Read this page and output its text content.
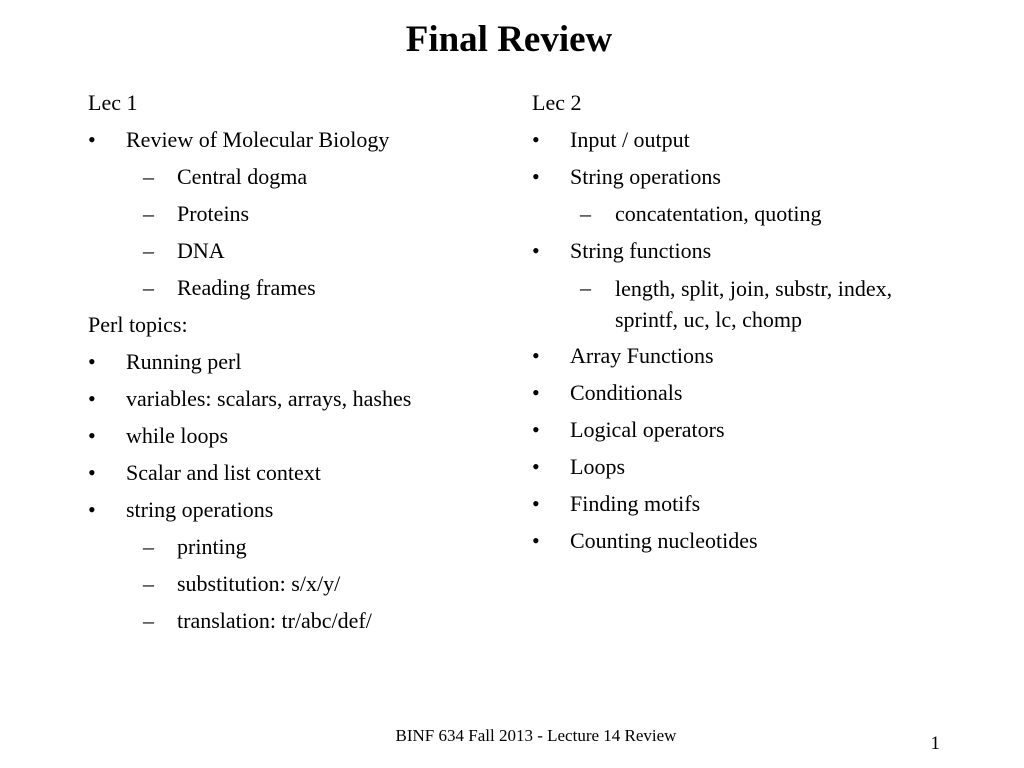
Final Review
Lec 1
• Review of Molecular Biology
– Central dogma
– Proteins
– DNA
– Reading frames
Perl topics:
• Running perl
• variables: scalars, arrays, hashes
• while loops
• Scalar and list context
• string operations
– printing
– substitution: s/x/y/
– translation: tr/abc/def/
Lec 2
• Input / output
• String operations
– concatentation, quoting
• String functions
– length, split, join, substr, index, sprintf, uc, lc, chomp
• Array Functions
• Conditionals
• Logical operators
• Loops
• Finding motifs
• Counting nucleotides
BINF 634 Fall 2013 - Lecture 14 Review	1
